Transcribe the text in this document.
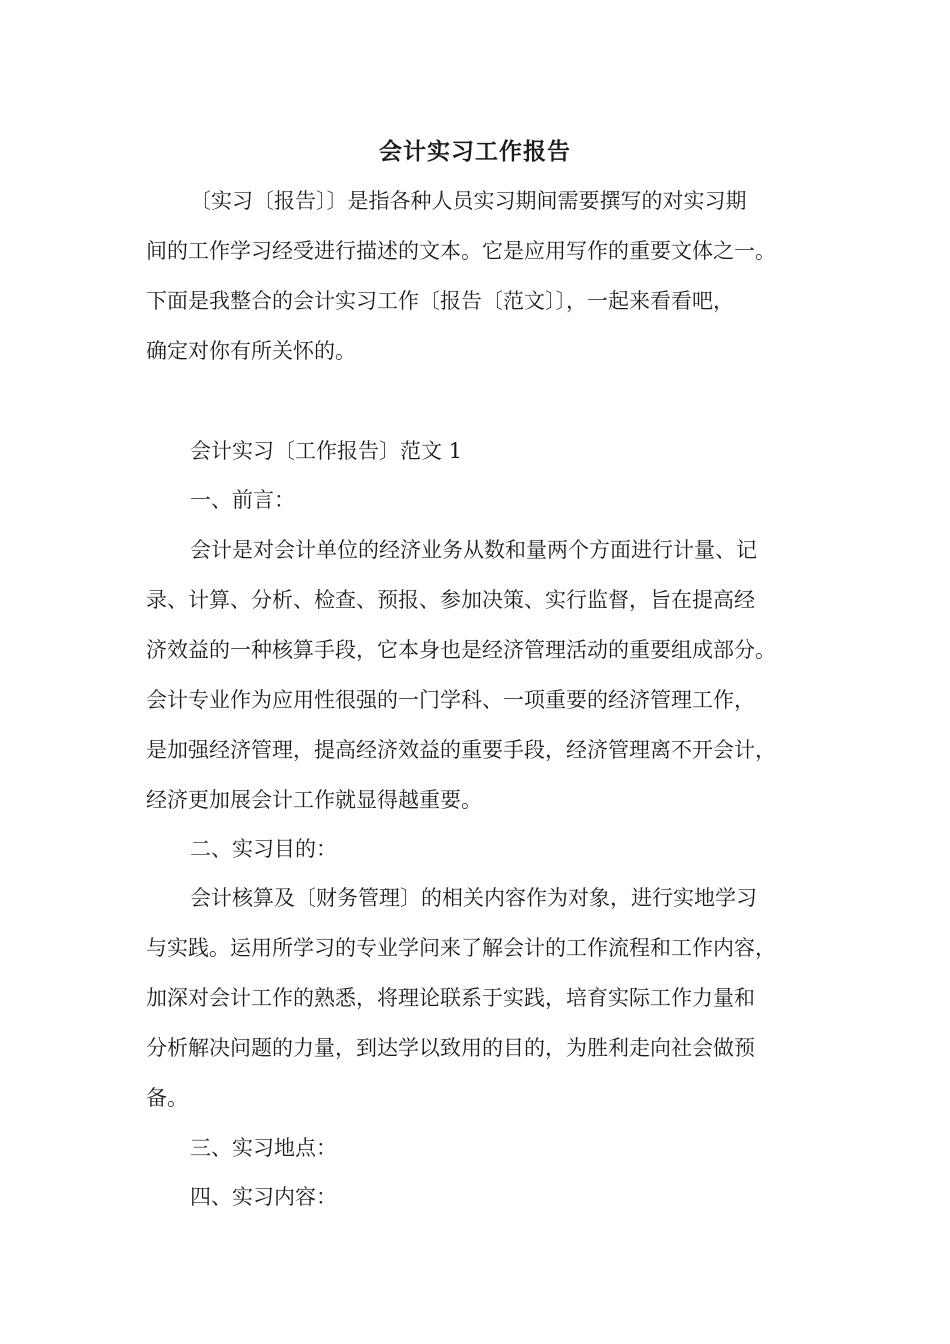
会计实习工作报告
〔实习〔报告〕〕是指各种人员实习期间需要撰写的对实习期
间的工作学习经受进行描述的文本。它是应用写作的重要文体之一。
下面是我整合的会计实习工作〔报告〔范文〕〕，一起来看看吧，
确定对你有所关怀的。
会计实习〔工作报告〕范文 1
一、前言：
会计是对会计单位的经济业务从数和量两个方面进行计量、记
录、计算、分析、检查、预报、参加决策、实行监督，旨在提高经
济效益的一种核算手段，它本身也是经济管理活动的重要组成部分。
会计专业作为应用性很强的一门学科、一项重要的经济管理工作，
是加强经济管理，提高经济效益的重要手段，经济管理离不开会计，
经济更加展会计工作就显得越重要。
二、实习目的：
会计核算及〔财务管理〕的相关内容作为对象，进行实地学习
与实践。运用所学习的专业学问来了解会计的工作流程和工作内容，
加深对会计工作的熟悉，将理论联系于实践，培育实际工作力量和
分析解决问题的力量，到达学以致用的目的，为胜利走向社会做预
备。
三、实习地点：
四、实习内容：
